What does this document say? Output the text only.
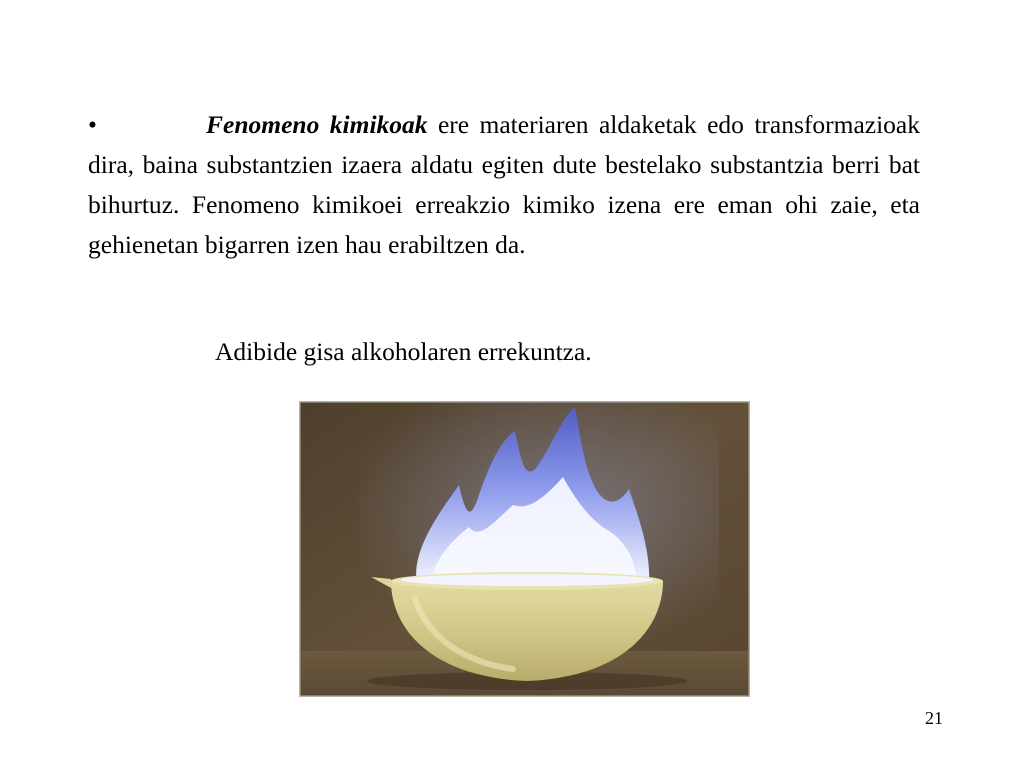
•	Fenomeno kimikoak ere materiaren aldaketak edo transformazioak dira, baina substantzien izaera aldatu egiten dute bestelako substantzia berri bat bihurtuz. Fenomeno kimikoei erreakzio kimiko izena ere eman ohi zaie, eta gehienetan bigarren izen hau erabiltzen da.

Adibide gisa alkoholaren errekuntza.
21
